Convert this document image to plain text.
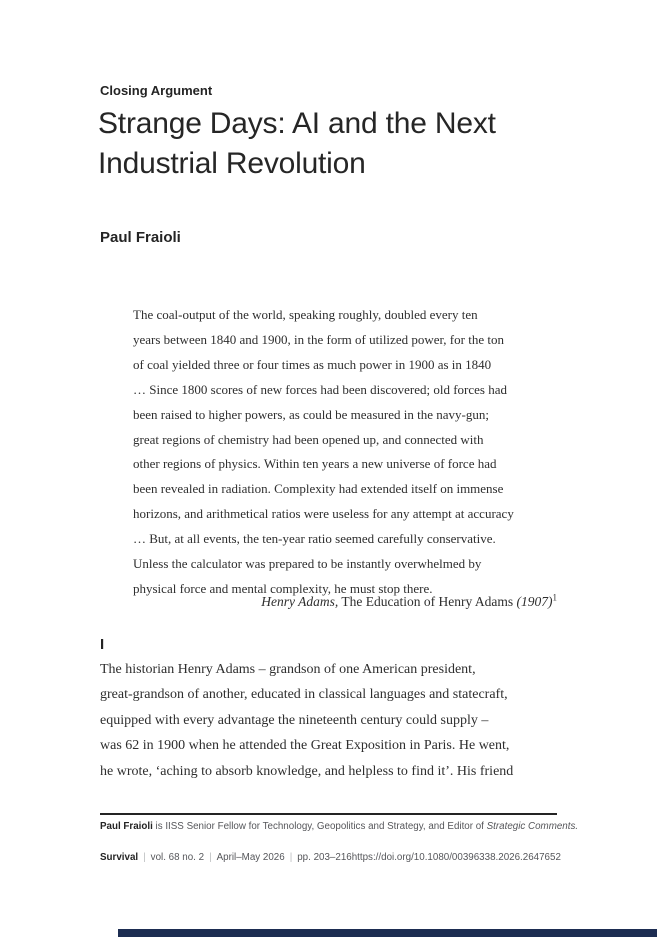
Closing Argument
Strange Days: AI and the Next
Industrial Revolution
Paul Fraioli
The coal-output of the world, speaking roughly, doubled every ten
years between 1840 and 1900, in the form of utilized power, for the ton
of coal yielded three or four times as much power in 1900 as in 1840
… Since 1800 scores of new forces had been discovered; old forces had
been raised to higher powers, as could be measured in the navy-gun;
great regions of chemistry had been opened up, and connected with
other regions of physics. Within ten years a new universe of force had
been revealed in radiation. Complexity had extended itself on immense
horizons, and arithmetical ratios were useless for any attempt at accuracy
… But, at all events, the ten-year ratio seemed carefully conservative.
Unless the calculator was prepared to be instantly overwhelmed by
physical force and mental complexity, he must stop there.
Henry Adams, The Education of Henry Adams $(1907)^1$
I
The historian Henry Adams – grandson of one American president,
great-grandson of another, educated in classical languages and statecraft,
equipped with every advantage the nineteenth century could supply –
was 62 in 1900 when he attended the Great Exposition in Paris. He went,
he wrote, ‘aching to absorb knowledge, and helpless to find it’. His friend
Paul Fraioli is IISS Senior Fellow for Technology, Geopolitics and Strategy, and Editor of Strategic Comments.
Survival | vol. 68 no. 2 | April–May 2026 | pp. 203–216 https://doi.org/10.1080/00396338.2026.2647652
